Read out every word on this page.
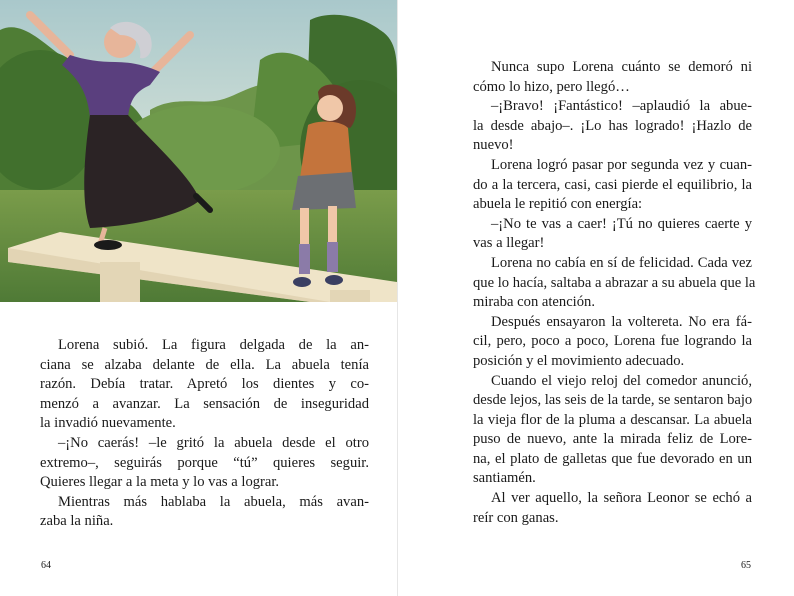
Lorena subió. La figura delgada de la an-
ciana se alzaba delante de ella. La abuela tenía
razón. Debía tratar. Apretó los dientes y co-
menzó a avanzar. La sensación de inseguridad
la invadió nuevamente.
–¡No caerás! –le gritó la abuela desde el otro
extremo–, seguirás porque “tú” quieres seguir.
Quieres llegar a la meta y lo vas a lograr.
Mientras más hablaba la abuela, más avan-
zaba la niña.
64	65
Nunca supo Lorena cuánto se demoró ni
cómo lo hizo, pero llegó…
–¡Bravo! ¡Fantástico! –aplaudió la abue-
la desde abajo–. ¡Lo has logrado! ¡Hazlo de
nuevo!
Lorena logró pasar por segunda vez y cuan-
do a la tercera, casi, casi pierde el equilibrio, la
abuela le repitió con energía:
–¡No te vas a caer! ¡Tú no quieres caerte y
vas a llegar!
Lorena no cabía en sí de felicidad. Cada vez
que lo hacía, saltaba a abrazar a su abuela que la
miraba con atención.
Después ensayaron la voltereta. No era fá-
cil, pero, poco a poco, Lorena fue logrando la
posición y el movimiento adecuado.
Cuando el viejo reloj del comedor anunció,
desde lejos, las seis de la tarde, se sentaron bajo
la vieja flor de la pluma a descansar. La abuela
puso de nuevo, ante la mirada feliz de Lore-
na, el plato de galletas que fue devorado en un
santiamén.
Al ver aquello, la señora Leonor se echó a
reír con ganas.
